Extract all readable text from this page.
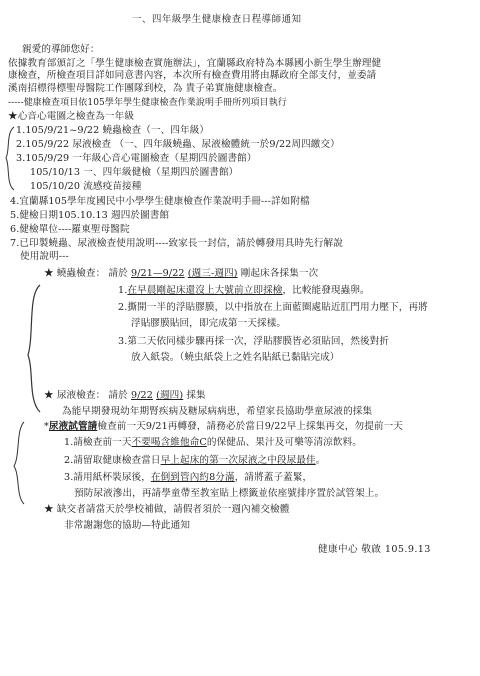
一、四年級學生健康檢查日程導師通知
親愛的導師您好：
依據教育部頒訂之「學生健康檢查實施辦法」，宜蘭縣政府特為本縣國小新生學生辦理健
康檢查，所檢查項目詳如同意書內容，本次所有檢查費用將由縣政府全部支付，並委請
溪南招標得標聖母醫院工作團隊到校，為 貴子弟實施健康檢查。
-----健康檢查項目依105學年學生健康檢查作業說明手冊所列項目執行
★心音心電圖之檢查為一年級
1.105/9/21~9/22 蟯蟲檢查（一、四年級）
2.105/9/22 尿液檢查 （一、四年級蟯蟲、尿液檢體統一於9/22周四繳交）
3.105/9/29 一年級心音心電圖檢查（星期四於圖書館）
105/10/13 一、四年級健檢（星期四於圖書館）
105/10/20 流感疫苗接種
4.宜蘭縣105學年度國民中小學學生健康檢查作業說明手冊---詳如附檔
5.健檢日期105.10.13 週四於圖書館
6.健檢單位----羅東聖母醫院
7.已印製蟯蟲、尿液檢查使用說明----致家長一封信，請於轉發用具時先行解說
使用說明---
★ 蟯蟲檢查： 請於 9/21—9/22 (週三-週四) 剛起床各採集一次
1.在早晨剛起床還沒上大號前立即採檢，比較能發現蟲卵。
2.撕開一半的浮貼膠膜，以中指放在上面藍圈處貼近肛門用力壓下，再將
浮貼膠膜貼回，即完成第一天採樣。
3.第二天依同樣步驟再採一次，浮貼膠膜皆必須貼回，然後對折
放入紙袋。（蟯虫紙袋上之姓名貼紙已黏貼完成）
★ 尿液檢查： 請於 9/22 (週四) 採集
為能早期發現幼年期腎疾病及糖尿病病患，希望家長協助學童尿液的採集
*尿液試管請檢查前一天9/21再轉發，請務必於當日9/22早上採集再交，勿提前一天
1.請檢查前一天不要喝含維他命C的保健品、果汁及可樂等清涼飲料。
2.請留取健康檢查當日早上起床的第一次尿液之中段尿最佳。
3.請用紙杯裝尿後，在倒到管內約8分滿，請將蓋子蓋緊，
預防尿液滲出，再請學童帶至教室貼上標籤並依座號排序置於試管架上。
★ 缺交者請當天於學校補做，請假者須於一週內補交檢體
非常謝謝您的協助—特此通知
健康中心 敬啟 105.9.13
